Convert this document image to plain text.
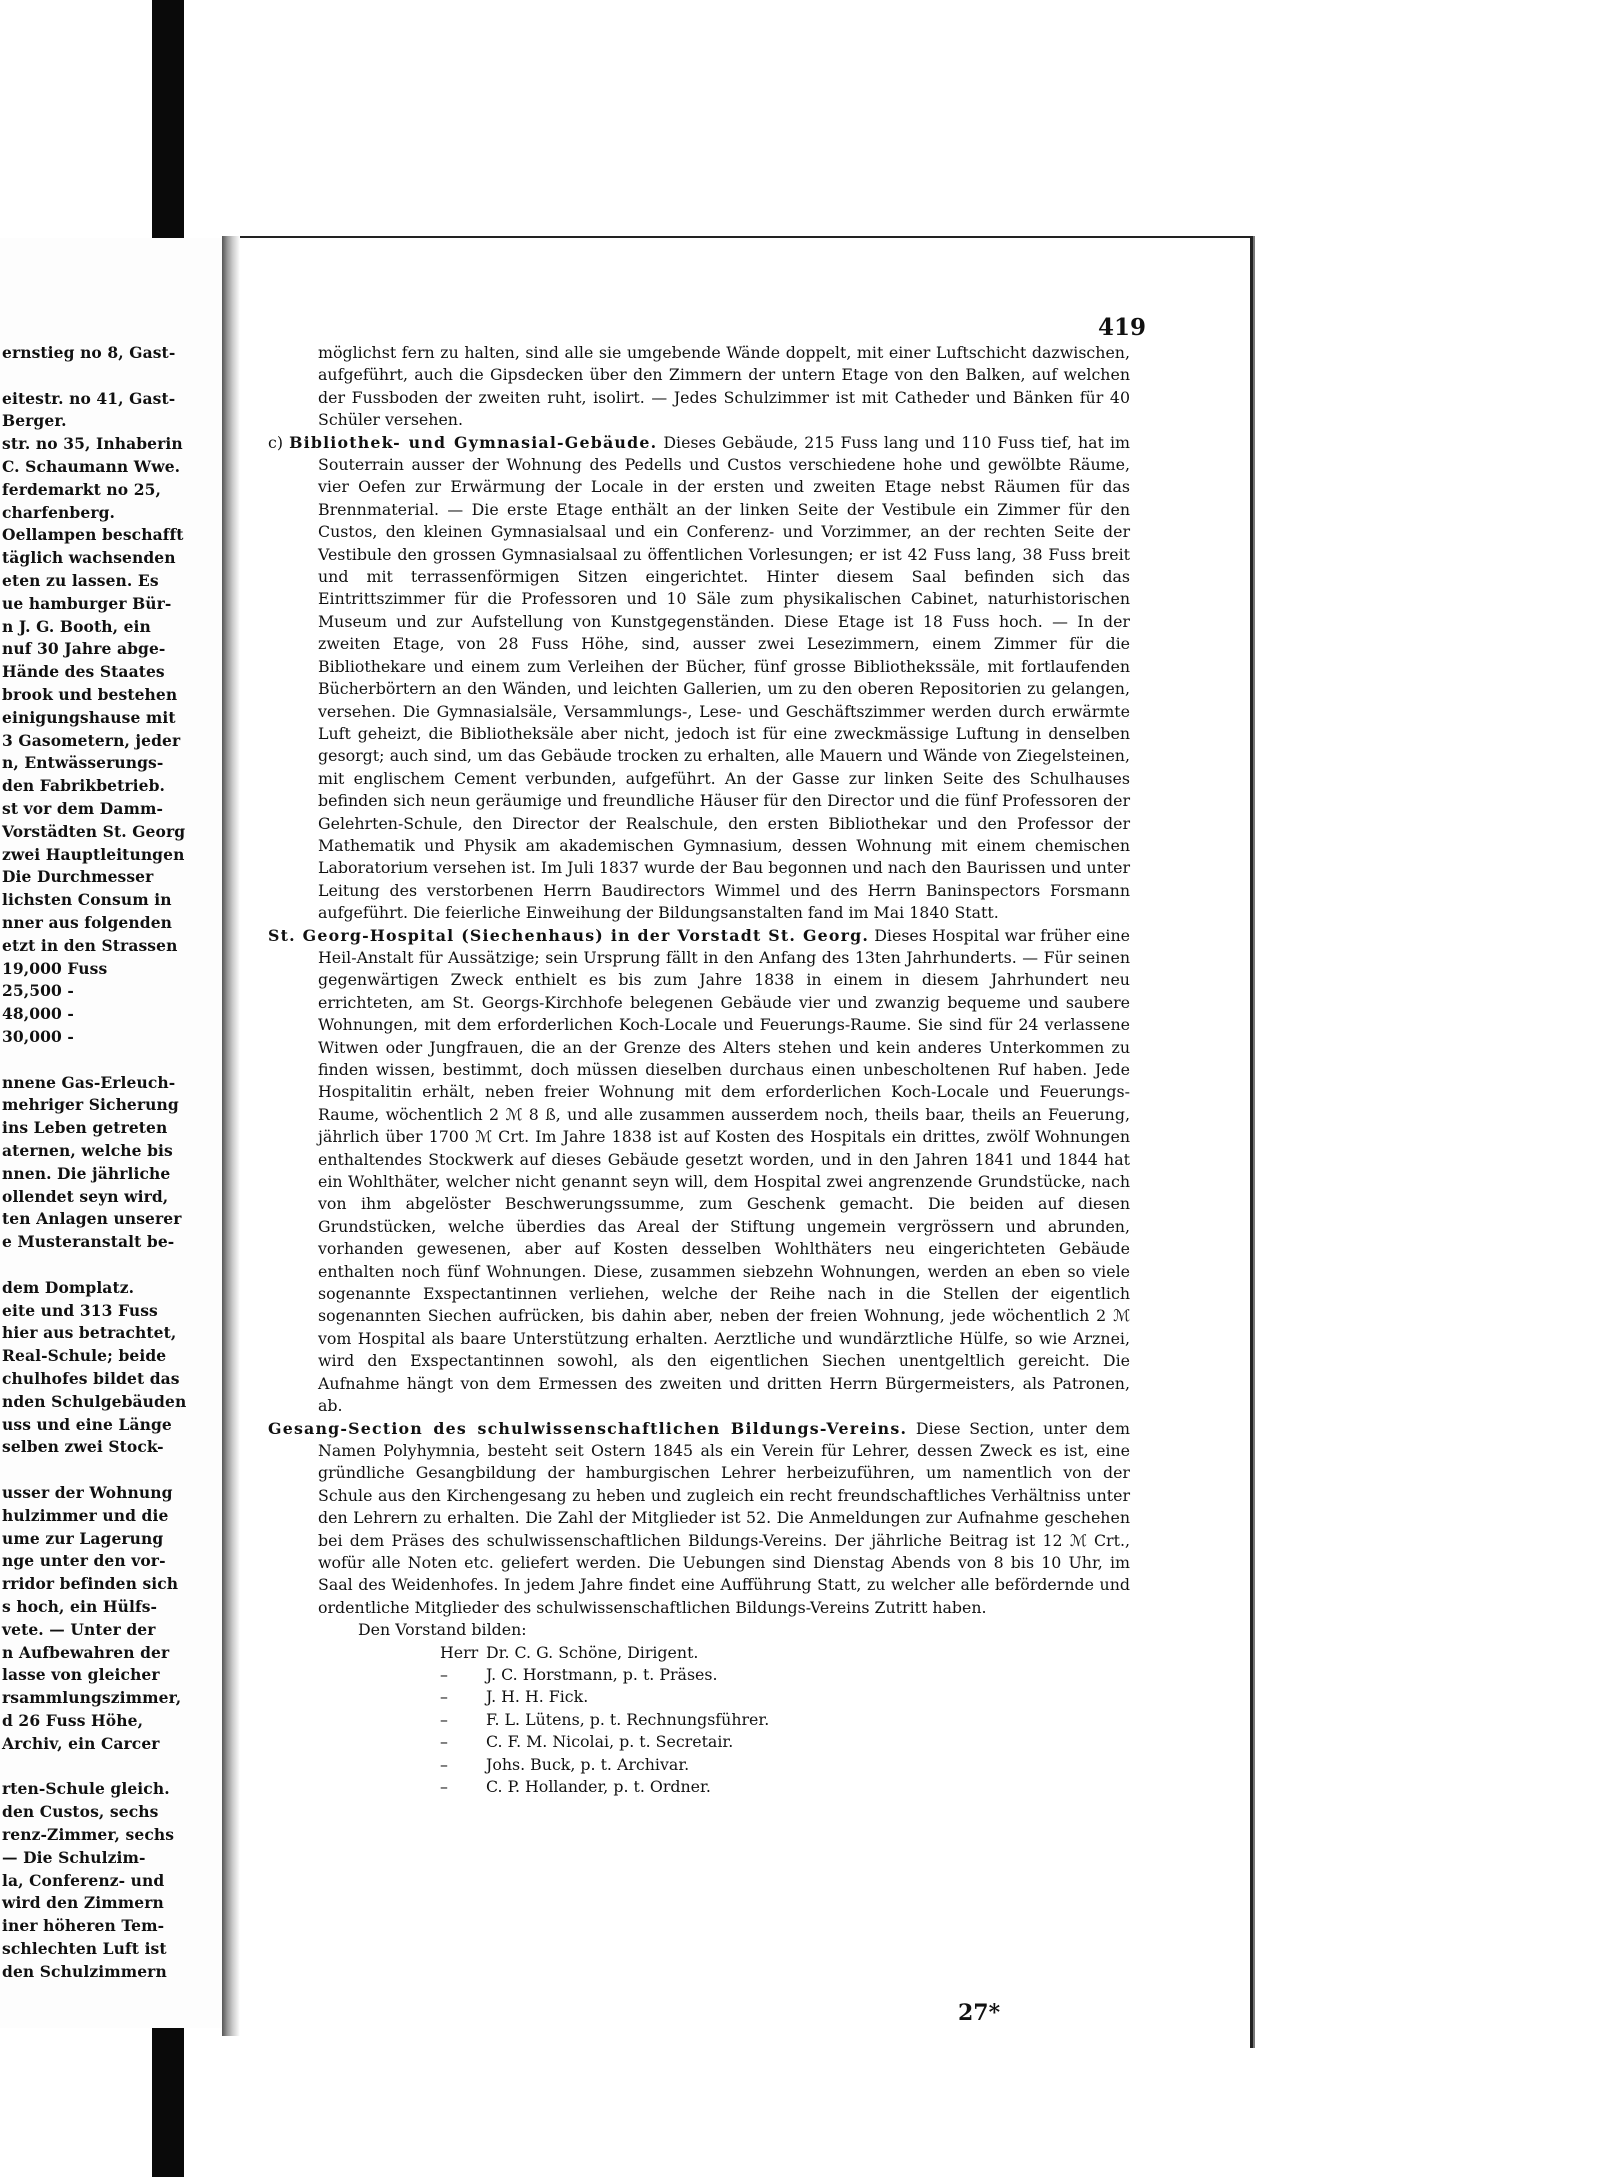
ernstieg no 8, Gast-
eitestr. no 41, Gast-
Berger.
str. no 35, Inhaberin
C. Schaumann Wwe.
ferdemarkt no 25,
charfenberg.
Oellampen beschafft
täglich wachsenden
eten zu lassen. Es
ue hamburger Bür-
n J. G. Booth, ein
nuf 30 Jahre abge-
Hände des Staates
brook und bestehen
einigungshause mit
3 Gasometern, jeder
n, Entwässerungs-
den Fabrikbetrieb.
st vor dem Damm-
Vorstädten St. Georg
zwei Hauptleitungen
Die Durchmesser
lichsten Consum in
nner aus folgenden
etzt in den Strassen
19,000 Fuss
25,500 -
48,000 -
30,000 -
nnene Gas-Erleuch-
mehriger Sicherung
ins Leben getreten
aternen, welche bis
nnen. Die jährliche
ollendet seyn wird,
ten Anlagen unserer
e Musteranstalt be-
dem Domplatz.
eite und 313 Fuss
hier aus betrachtet,
Real-Schule; beide
chulhofes bildet das
nden Schulgebäuden
uss und eine Länge
selben zwei Stock-
usser der Wohnung
hulzimmer und die
ume zur Lagerung
nge unter den vor-
rridor befinden sich
s hoch, ein Hülfs-
vete. — Unter der
n Aufbewahren der
lasse von gleicher
rsammlungszimmer,
d 26 Fuss Höhe,
Archiv, ein Carcer
rten-Schule gleich.
den Custos, sechs
renz-Zimmer, sechs
— Die Schulzim-
la, Conferenz- und
wird den Zimmern
iner höheren Tem-
schlechten Luft ist
den Schulzimmern
419

möglichst fern zu halten, sind alle sie umgebende Wände doppelt, mit einer Luftschicht dazwischen, aufgeführt, auch die Gipsdecken über den Zimmern der untern Etage von den Balken, auf welchen der Fussboden der zweiten ruht, isolirt. — Jedes Schulzimmer ist mit Catheder und Bänken für 40 Schüler versehen.

c) Bibliothek- und Gymnasial-Gebäude. Dieses Gebäude, 215 Fuss lang und 110 Fuss tief, hat im Souterrain ausser der Wohnung des Pedells und Custos verschiedene hohe und gewölbte Räume, vier Oefen zur Erwärmung der Locale in der ersten und zweiten Etage nebst Räumen für das Brennmaterial. — Die erste Etage enthält an der linken Seite der Vestibule ein Zimmer für den Custos, den kleinen Gymnasialsaal und ein Conferenz- und Vorzimmer, an der rechten Seite der Vestibule den grossen Gymnasialsaal zu öffentlichen Vorlesungen; er ist 42 Fuss lang, 38 Fuss breit und mit terrassenförmigen Sitzen eingerichtet. Hinter diesem Saal befinden sich das Eintrittszimmer für die Professoren und 10 Säle zum physikalischen Cabinet, naturhistorischen Museum und zur Aufstellung von Kunstgegenständen. Diese Etage ist 18 Fuss hoch. — In der zweiten Etage, von 28 Fuss Höhe, sind, ausser zwei Lesezimmern, einem Zimmer für die Bibliothekare und einem zum Verleihen der Bücher, fünf grosse Bibliothekssäle, mit fortlaufenden Bücherbörtern an den Wänden, und leichten Gallerien, um zu den oberen Repositorien zu gelangen, versehen. Die Gymnasialsäle, Versammlungs-, Lese- und Geschäftszimmer werden durch erwärmte Luft geheizt, die Bibliotheksäle aber nicht, jedoch ist für eine zweckmässige Luftung in denselben gesorgt; auch sind, um das Gebäude trocken zu erhalten, alle Mauern und Wände von Ziegelsteinen, mit englischem Cement verbunden, aufgeführt. An der Gasse zur linken Seite des Schulhauses befinden sich neun geräumige und freundliche Häuser für den Director und die fünf Professoren der Gelehrten-Schule, den Director der Realschule, den ersten Bibliothekar und den Professor der Mathematik und Physik am akademischen Gymnasium, dessen Wohnung mit einem chemischen Laboratorium versehen ist. Im Juli 1837 wurde der Bau begonnen und nach den Baurissen und unter Leitung des verstorbenen Herrn Baudirectors Wimmel und des Herrn Baninspectors Forsmann aufgeführt. Die feierliche Einweihung der Bildungsanstalten fand im Mai 1840 Statt.

St. Georg-Hospital (Siechenhaus) in der Vorstadt St. Georg. Dieses Hospital war früher eine Heil-Anstalt für Aussätzige; sein Ursprung fällt in den Anfang des 13ten Jahrhunderts. — Für seinen gegenwärtigen Zweck enthielt es bis zum Jahre 1838 in einem in diesem Jahrhundert neu errichteten, am St. Georgs-Kirchhofe belegenen Gebäude vier und zwanzig bequeme und saubere Wohnungen, mit dem erforderlichen Koch-Locale und Feuerungs-Raume. Sie sind für 24 verlassene Witwen oder Jungfrauen, die an der Grenze des Alters stehen und kein anderes Unterkommen zu finden wissen, bestimmt, doch müssen dieselben durchaus einen unbescholtenen Ruf haben. Jede Hospitalitin erhält, neben freier Wohnung mit dem erforderlichen Koch-Locale und Feuerungs-Raume, wöchentlich 2 ℳ 8 ß, und alle zusammen ausserdem noch, theils baar, theils an Feuerung, jährlich über 1700 ℳ Crt. Im Jahre 1838 ist auf Kosten des Hospitals ein drittes, zwölf Wohnungen enthaltendes Stockwerk auf dieses Gebäude gesetzt worden, und in den Jahren 1841 und 1844 hat ein Wohlthäter, welcher nicht genannt seyn will, dem Hospital zwei angrenzende Grundstücke, nach von ihm abgelöster Beschwerungssumme, zum Geschenk gemacht. Die beiden auf diesen Grundstücken, welche überdies das Areal der Stiftung ungemein vergrössern und abrunden, vorhanden gewesenen, aber auf Kosten desselben Wohlthäters neu eingerichteten Gebäude enthalten noch fünf Wohnungen. Diese, zusammen siebzehn Wohnungen, werden an eben so viele sogenannte Exspectantinnen verliehen, welche der Reihe nach in die Stellen der eigentlich sogenannten Siechen aufrücken, bis dahin aber, neben der freien Wohnung, jede wöchentlich 2 ℳ vom Hospital als baare Unterstützung erhalten. Aerztliche und wundärztliche Hülfe, so wie Arznei, wird den Exspectantinnen sowohl, als den eigentlichen Siechen unentgeltlich gereicht. Die Aufnahme hängt von dem Ermessen des zweiten und dritten Herrn Bürgermeisters, als Patronen, ab.

Gesang-Section des schulwissenschaftlichen Bildungs-Vereins. Diese Section, unter dem Namen Polyhymnia, besteht seit Ostern 1845 als ein Verein für Lehrer, dessen Zweck es ist, eine gründliche Gesangbildung der hamburgischen Lehrer herbeizuführen, um namentlich von der Schule aus den Kirchengesang zu heben und zugleich ein recht freundschaftliches Verhältniss unter den Lehrern zu erhalten. Die Zahl der Mitglieder ist 52. Die Anmeldungen zur Aufnahme geschehen bei dem Präses des schulwissenschaftlichen Bildungs-Vereins. Der jährliche Beitrag ist 12 ℳ Crt., wofür alle Noten etc. geliefert werden. Die Uebungen sind Dienstag Abends von 8 bis 10 Uhr, im Saal des Weidenhofes. In jedem Jahre findet eine Aufführung Statt, zu welcher alle befördernde und ordentliche Mitglieder des schulwissenschaftlichen Bildungs-Vereins Zutritt haben.

Den Vorstand bilden:

Herr Dr. C. G. Schöne, Dirigent.

– J. C. Horstmann, p. t. Präses.

– J. H. H. Fick.

– F. L. Lütens, p. t. Rechnungsführer.

– C. F. M. Nicolai, p. t. Secretair.

– Johs. Buck, p. t. Archivar.

– C. P. Hollander, p. t. Ordner.

27*
